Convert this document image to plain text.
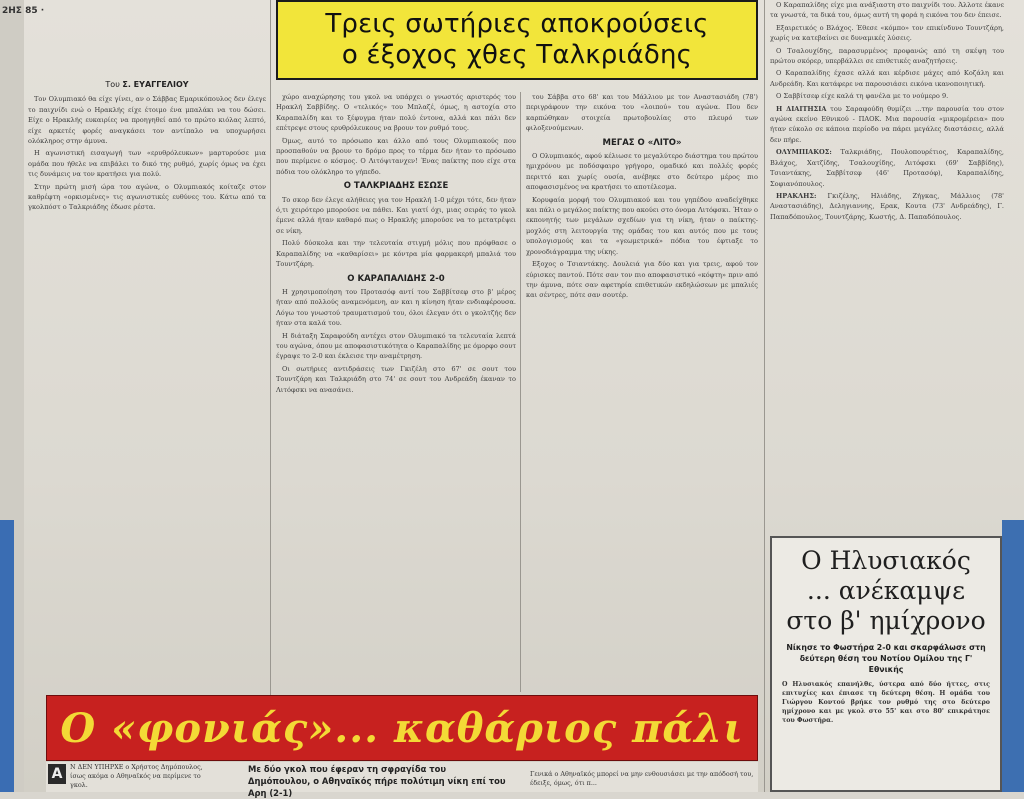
2ΗΣ 85 ·
Του Σ. ΕΥΑΓΓΕΛΙΟΥ

Τον Ολυμπιακό θα είχε γίνει, αν ο Σάββας Εμαρικόπουλος δεν έλεγε το παιχνίδι ενώ ο Ηρακλής είχε έτοιμο ένα μπαλάκι να του δώσει. Είχε ο Ηρακλής ευκαιρίες να προηγηθεί από το πρώτο κιόλας λεπτό, είχε αρκετές φορές αναγκάσει τον αντίπαλο να υποχωρήσει ολόκληρος στην άμυνα.

Η αγωνιστική εισαγωγή των «ερυθρόλευκων» μαρτυρούσε μια ομάδα που ήθελε να επιβάλει το δικό της ρυθμό, χωρίς όμως να έχει τις δυνάμεις να τον κρατήσει για πολύ.

Στην πρώτη μισή ώρα του αγώνα, ο Ολυμπιακός κοίταζε στον καθρέφτη «ορκισμένες» τις αγωνιστικές ευθύνες του. Κάτω από τα γκολπόστ ο Ταλκριάδης έδωσε ρέστα.

Τρεις σωτήριες αποκρούσεις
ο έξοχος χθες Ταλκριάδης

χώρο αναχώρησης του γκολ να υπάρχει ο γνωστός αριστερός του Ηρακλή Σαββίδης. Ο «τελικός» του Μπλαζέ, όμως, η αστοχία στο Καραπαλίδη και το ξέφυγμα ήταν πολύ έντονα, αλλά και πάλι δεν επέτρεψε στους ερυθρόλευκους να βρουν τον ρυθμό τους.

Όμως, αυτό το πρόσωπο και άλλο από τους Ολυμπιακούς που προσπαθούν να βρουν το δρόμο προς το τέρμα δεν ήταν το πρόσωπο που περίμενε ο κόσμος. Ο Λιτόψιτανχεν! Ένας παίκτης που είχε στα πόδια του ολόκληρο το γήπεδο.

Ο ΤΑΛΚΡΙΑΔΗΣ ΕΣΩΣΕ

Το σκορ δεν έλεγε αλήθειες για τον Ηρακλή 1-0 μέχρι τότε, δεν ήταν ό,τι χειρότερο μπορούσε να πάθει. Και γιατί όχι, μιας σειράς το γκολ έμενε αλλά ήταν καθαρό πως ο Ηρακλής μπορούσε να το μετατρέψει σε νίκη.

Πολύ δύσκολα και την τελευταία στιγμή μόλις που πρόφθασε ο Καραπαλίδης να «καθαρίσει» με κόντρα μία φαρμακερή μπαλιά του Τουντζάρη.

Ο ΚΑΡΑΠΑΛΙΔΗΣ 2-0

Η χρησιμοποίηση του Προτασόφ αντί του Σαββίτσεφ στο β' μέρος ήταν από πολλούς αναμενόμενη, αν και η κίνηση ήταν ενδιαφέρουσα. Λόγω του γνωστού τραυματισμού του, όλοι έλεγαν ότι ο γκολτζής δεν ήταν στα καλά του.

Η διάταξη Σαραφούδη αντέχει στον Ολυμπιακό τα τελευταία λεπτά του αγώνα, όπου με αποφασιστικότητα ο Καραπαλίδης με όμορφο σουτ έγραψε το 2-0 και έκλεισε την αναμέτρηση.

Οι σωτήριες αντιδράσεις των Γκιζέλη στο 67' σε σουτ του Τουντζάρη και Ταλκριάδη στο 74' σε σουτ του Ανδρεάδη έκαναν το Λιτόφσκι να ανασάνει.

του Σάββα στο 68' και του Μάλλιου με τον Αναστασιάδη (78') περιγράφουν την εικόνα του «λοιπού» του αγώνα. Που δεν καρπώθηκαν στοιχεία πρωτοβουλίας στο πλευρό των φιλοξενούμενων.

ΜΕΓΑΣ Ο «ΛΙΤΟ»

Ο Ολυμπιακός, αφού κέλιωσε το μεγαλύτερο διάστημα του πρώτου ημιχρόνου με ποδόσφαιρο γρήγορο, ομαδικό και πολλές φορές περιττό και χωρίς ουσία, ανέβηκε στο δεύτερο μέρος πιο αποφασισμένος να κρατήσει το αποτέλεσμα.

Κορυφαία μορφή του Ολυμπιακού και του γηπέδου αναδείχθηκε και πάλι ο μεγάλος παίκτης που ακούει στο όνομα Λιτόφσκι. Ήταν ο εκπονητής των μεγάλων σχεδίων για τη νίκη, ήταν ο παίκτης-μοχλός στη λειτουργία της ομάδας του και αυτός που με τους υπολογισμούς και τα «γεωμετρικά» πόδια του έφτιαξε το χρονοδιάγραμμα της νίκης.

Εξοχος ο Τσιαντάκης. Δουλειά για δύο και για τρεις, αφού τον εύρισκες παντού. Πότε σαν τον πιο αποφασιστικό «κόφτη» πριν από την άμυνα, πότε σαν αφετηρία επιθετικών εκδηλώσεων με μπαλιές και σέντρες, πότε σαν σουτέρ.

Ο Καραπαλίδης είχε μια ανάξιαστη στο παιχνίδι του. Άλλοτε έκανε τα γνωστά, τα δικά του, όμως αυτή τη φορά η εικόνα του δεν έπεισε.

Εξαιρετικός ο Βλάχος. Έθεσε «κόμπο» τον επικίνδυνο Τουντζάρη, χωρίς να κατεβαίνει σε δυναμικές λύσεις.

Ο Τσαλουχίδης, παρασυρμένος προφανώς από τη σκέψη του πρώτου σκόρερ, υπερβάλλει σε επιθετικές αναζητήσεις.

Ο Καραπαλίδης έχασε αλλά και κέρδισε μάχες από Κοζάλη και Ανδρεάδη. Και κατάφερε να παρουσιάσει εικόνα ικανοποιητική.

Ο Σαββίτσεφ είχε καλά τη φανέλα με το νούμερο 9.

Η ΔΙΑΙΤΗΣΙΑ του Σαραφούδη θυμίζει ...την παρουσία του στον αγώνα εκείνο Εθνικού - ΠΑΟΚ. Μια παρουσία «μικρομέρεια» που ήταν εύκολο σε κάποια περίοδο να πάρει μεγάλες διαστάσεις, αλλά δεν πήρε.

ΟΛΥΜΠΙΑΚΟΣ: Ταλκριάδης, Πουλοπουρέτιος, Καραπαλίδης, Βλάχος, Χατζίδης, Τσαλουχίδης, Λιτόφσκι (69' Σαββίδης), Τσιαντάκης, Σαββίτσεφ (46' Προτασόφ), Καραπαλίδης, Σοφιανόπουλος.

ΗΡΑΚΛΗΣ: Γκιζέλης, Ηλιάδης, Ζήγκας, Μάλλιος (78' Αναστασιάδης), Δεληγιαννης, Ερακ, Κουτα (73' Ανδρεάδης), Γ. Παπαδόπουλος, Τουντζάρης, Κωστής, Δ. Παπαδόπουλος.

Ο Ηλυσιακός
... ανέκαμψε
στο β' ημίχρονο
Νίκησε το Φωστήρα 2-0 και σκαρφάλωσε στη δεύτερη θέση του Νοτίου Ομίλου της Γ' Εθνικής
Ο Ηλυσιακός επανήλθε, ύστερα από δύο ήττες, στις επιτυχίες και έπιασε τη δεύτερη θέση. Η ομάδα του Γιώργου Κοντού βρήκε τον ρυθμό της στο δεύτερο ημίχρονο και με γκολ στο 55' και στο 80' επικράτησε του Φωστήρα.
Ο «φονιάς»... καθάριος πάλι
Α	Ν ΔΕΝ ΥΠΗΡΧΕ ο Χρήστος Δημόπουλος, ίσως ακόμα ο Αθηναϊκός να περίμενε το γκολ.
Με δύο γκολ που έφεραν τη σφραγίδα του Δημόπουλου, ο Αθηναϊκός πήρε πολύτιμη νίκη επί του Αρη (2-1)
Γενικά ο Αθηναϊκός μπορεί να μην ενθουσιάσει με την απόδοσή του, έδειξε, όμως, ότι π...
